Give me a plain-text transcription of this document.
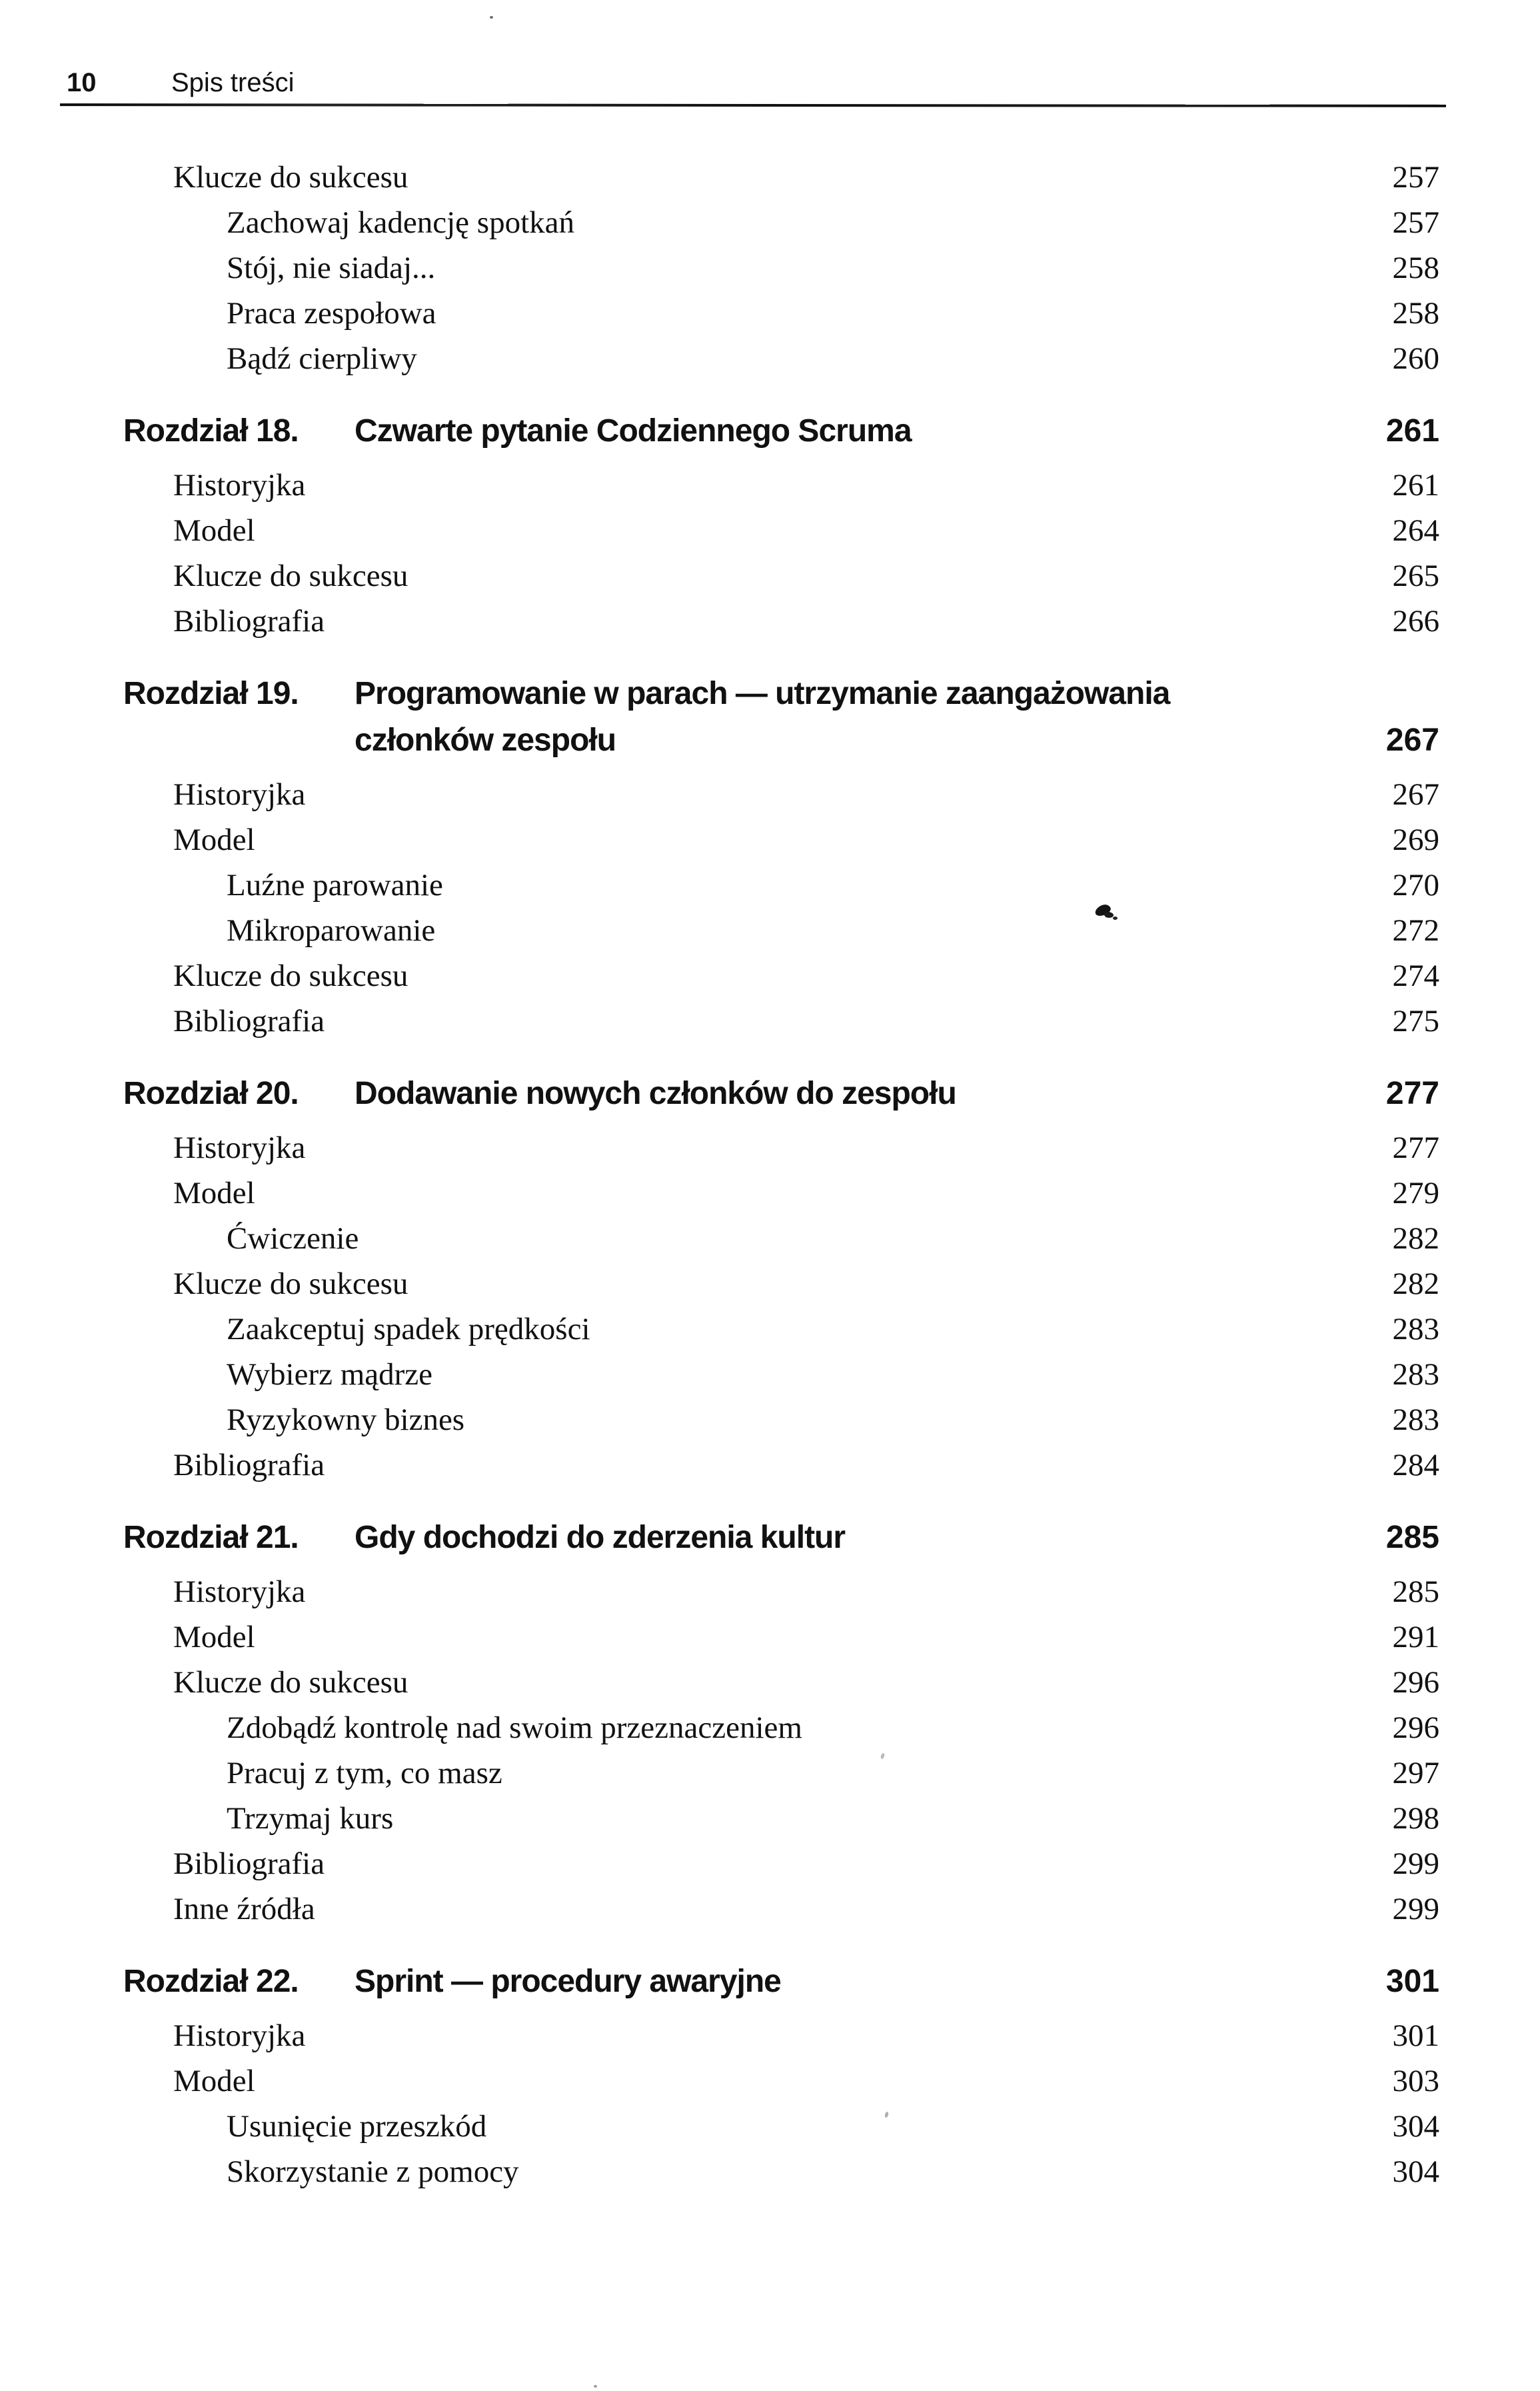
10	Spis treści
Klucze do sukcesu	257
Zachowaj kadencję spotkań	257
Stój, nie siadaj...	258
Praca zespołowa	258
Bądź cierpliwy	260
Rozdział 18.	Czwarte pytanie Codziennego Scruma	261
Historyjka	261
Model	264
Klucze do sukcesu	265
Bibliografia	266
Rozdział 19.	Programowanie w parach — utrzymanie zaangażowania
członków zespołu	267
Historyjka	267
Model	269
Luźne parowanie	270
Mikroparowanie	272
Klucze do sukcesu	274
Bibliografia	275
Rozdział 20.	Dodawanie nowych członków do zespołu	277
Historyjka	277
Model	279
Ćwiczenie	282
Klucze do sukcesu	282
Zaakceptuj spadek prędkości	283
Wybierz mądrze	283
Ryzykowny biznes	283
Bibliografia	284
Rozdział 21.	Gdy dochodzi do zderzenia kultur	285
Historyjka	285
Model	291
Klucze do sukcesu	296
Zdobądź kontrolę nad swoim przeznaczeniem	296
Pracuj z tym, co masz	297
Trzymaj kurs	298
Bibliografia	299
Inne źródła	299
Rozdział 22.	Sprint — procedury awaryjne	301
Historyjka	301
Model	303
Usunięcie przeszkód	304
Skorzystanie z pomocy	304
